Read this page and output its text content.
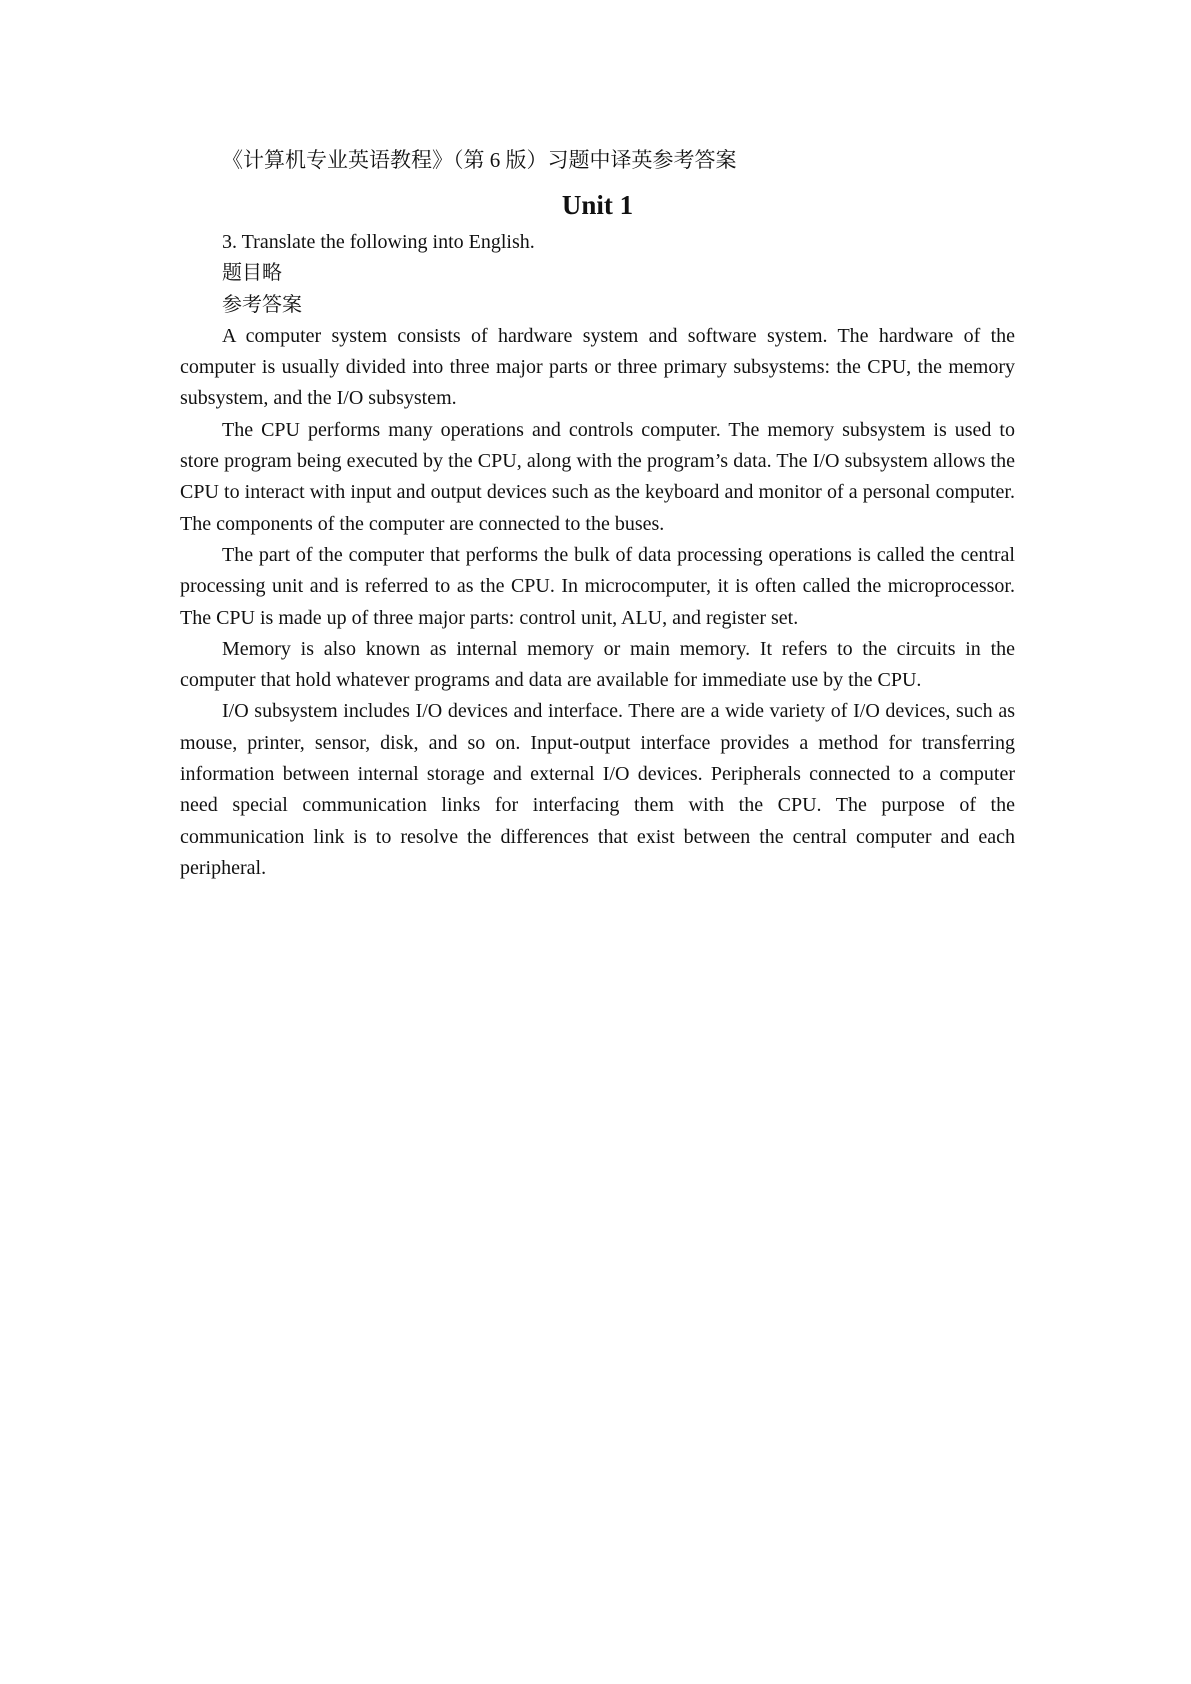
《计算机专业英语教程》（第 6 版）习题中译英参考答案

Unit 1

3. Translate the following into English.

题目略

参考答案

A computer system consists of hardware system and software system. The hardware of the computer is usually divided into three major parts or three primary subsystems: the CPU, the memory subsystem, and the I/O subsystem.

The CPU performs many operations and controls computer. The memory subsystem is used to store program being executed by the CPU, along with the program’s data. The I/O subsystem allows the CPU to interact with input and output devices such as the keyboard and monitor of a personal computer. The components of the computer are connected to the buses.

The part of the computer that performs the bulk of data processing operations is called the central processing unit and is referred to as the CPU. In microcomputer, it is often called the microprocessor. The CPU is made up of three major parts: control unit, ALU, and register set.

Memory is also known as internal memory or main memory. It refers to the circuits in the computer that hold whatever programs and data are available for immediate use by the CPU.

I/O subsystem includes I/O devices and interface. There are a wide variety of I/O devices, such as mouse, printer, sensor, disk, and so on. Input-output interface provides a method for transferring information between internal storage and external I/O devices. Peripherals connected to a computer need special communication links for interfacing them with the CPU. The purpose of the communication link is to resolve the differences that exist between the central computer and each peripheral.
